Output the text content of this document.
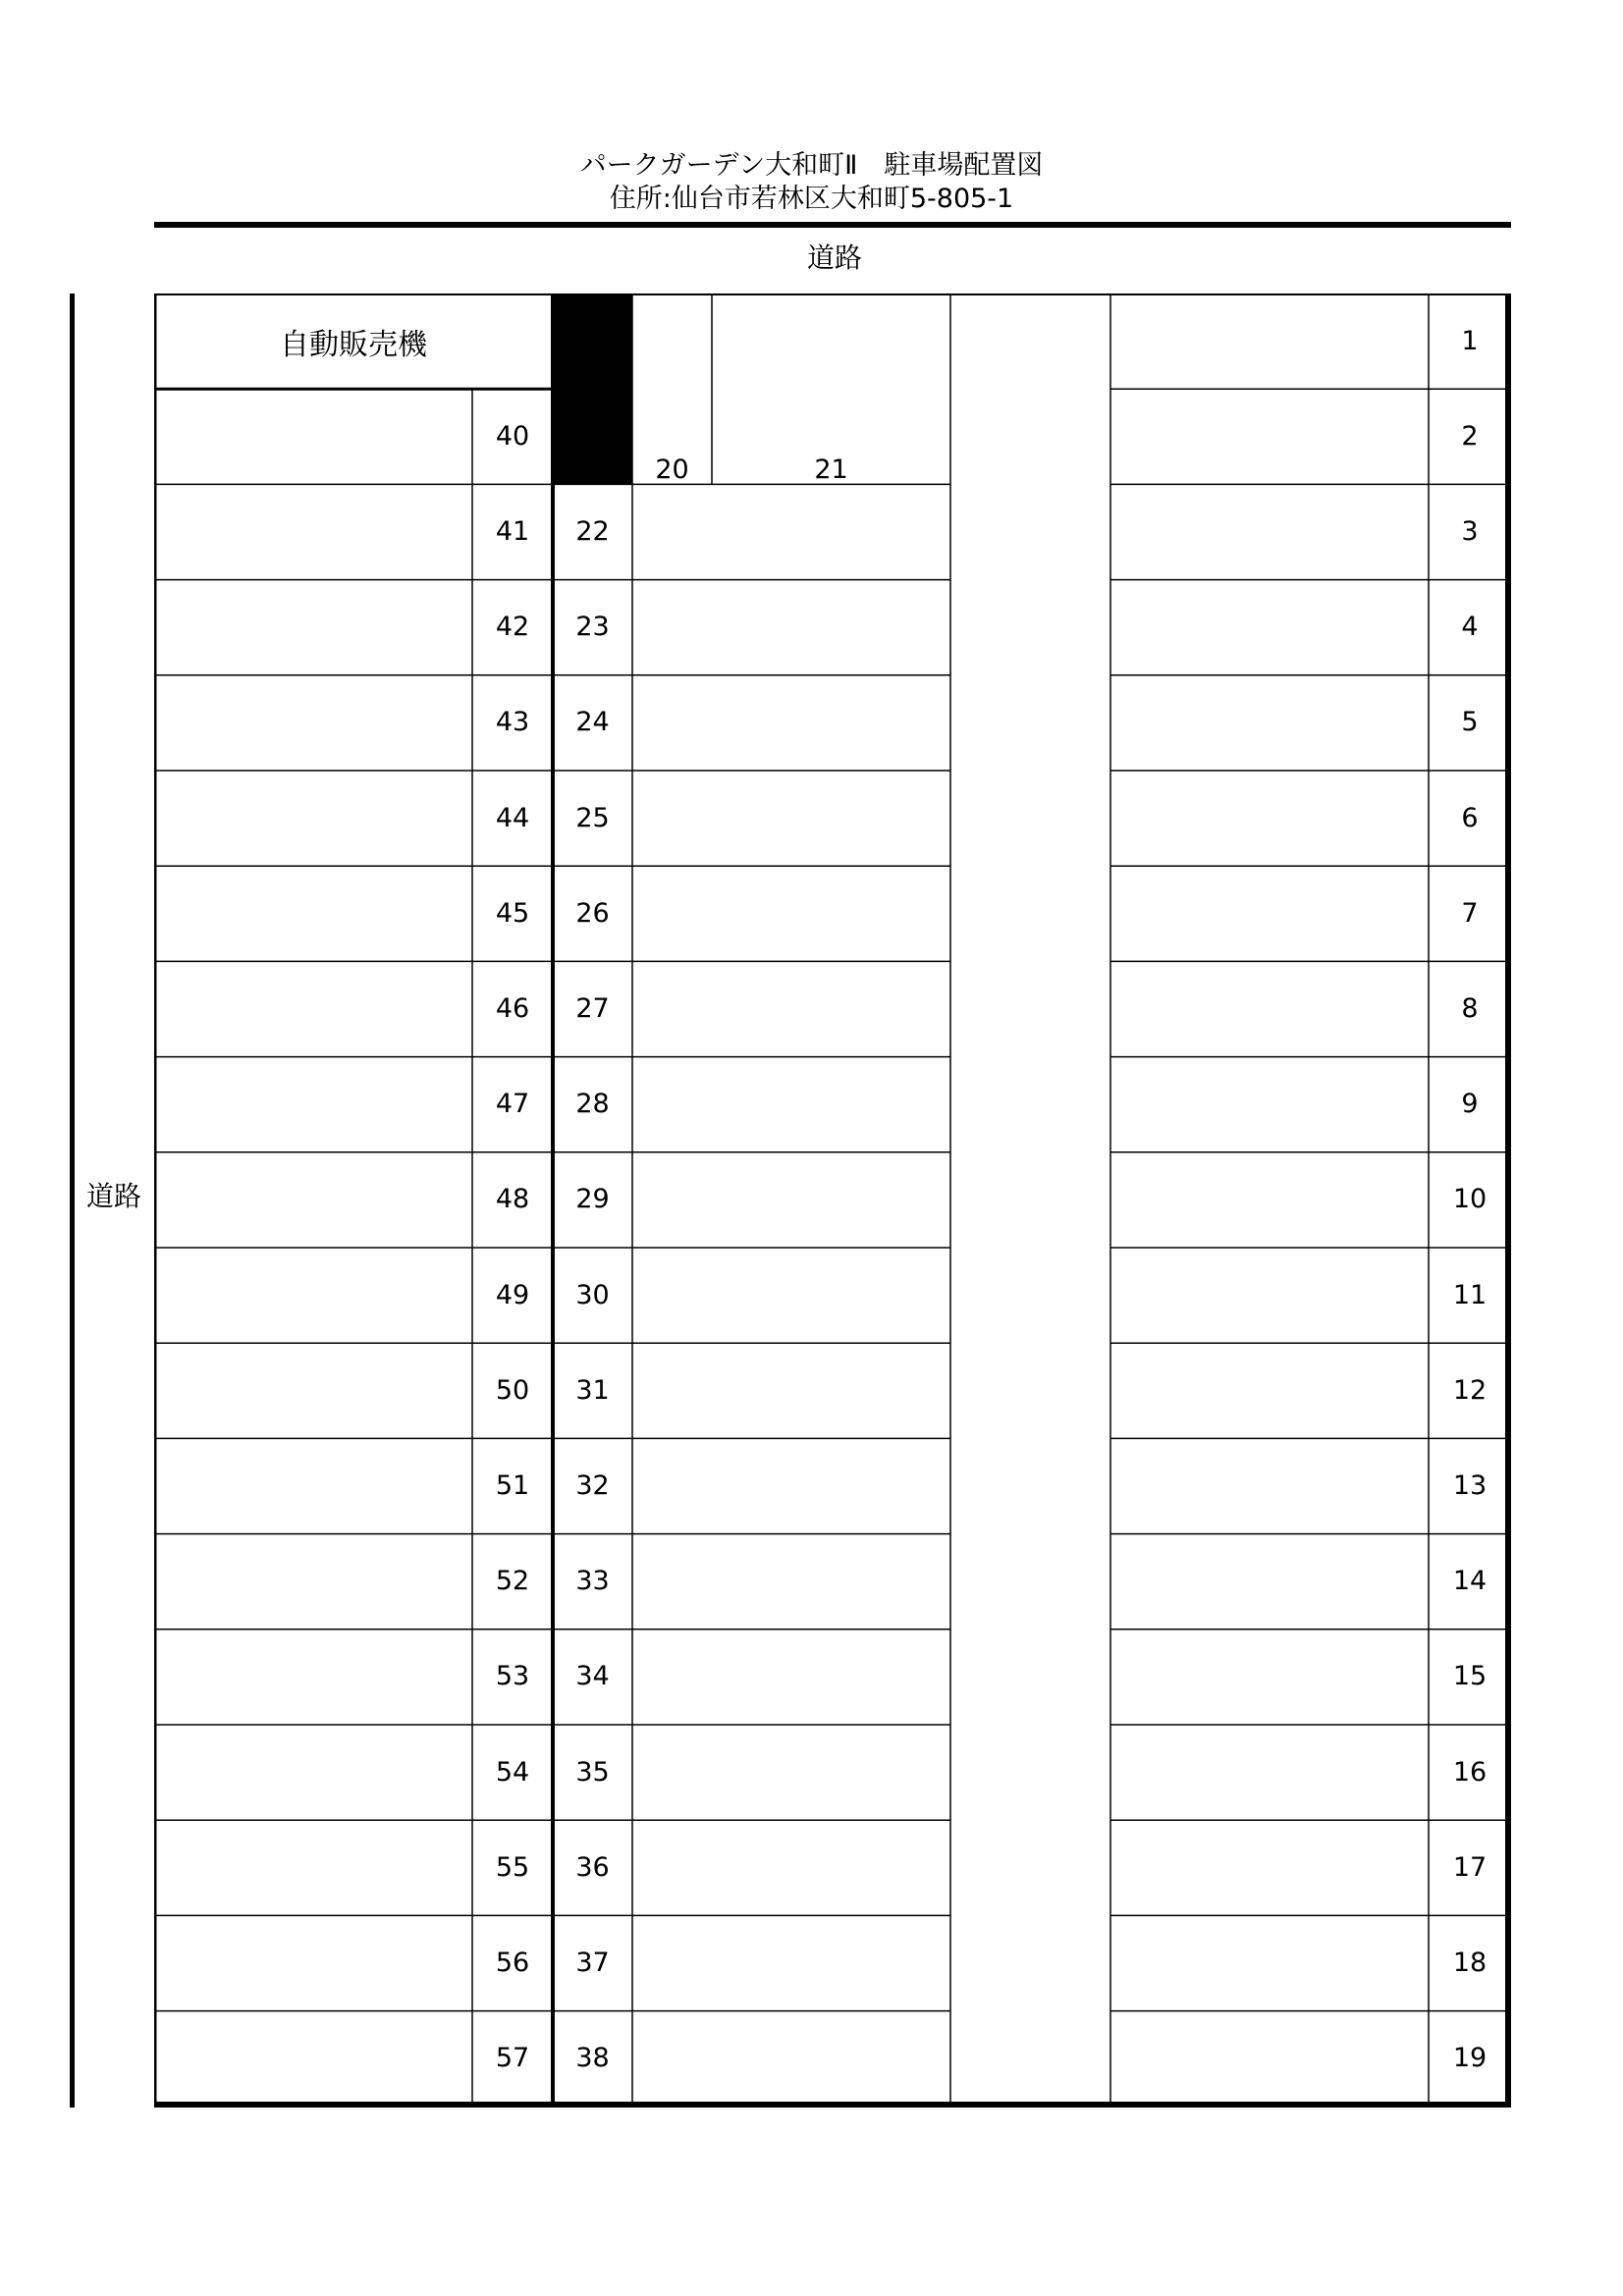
パークガーデン大和町Ⅱ　駐車場配置図
住所:仙台市若林区大和町5-805-1
道路
道路
自動販売機	1
2
3
4
5
6
7
8
9
10
11
12
13
14
15
16
17
18
19
40
41
42
43
44
45
46
47
48
49
50
51
52
53
54
55
56
57
22
23
24
25
26
27
28
29
30
31
32
33
34
35
36
37
38
20	21
